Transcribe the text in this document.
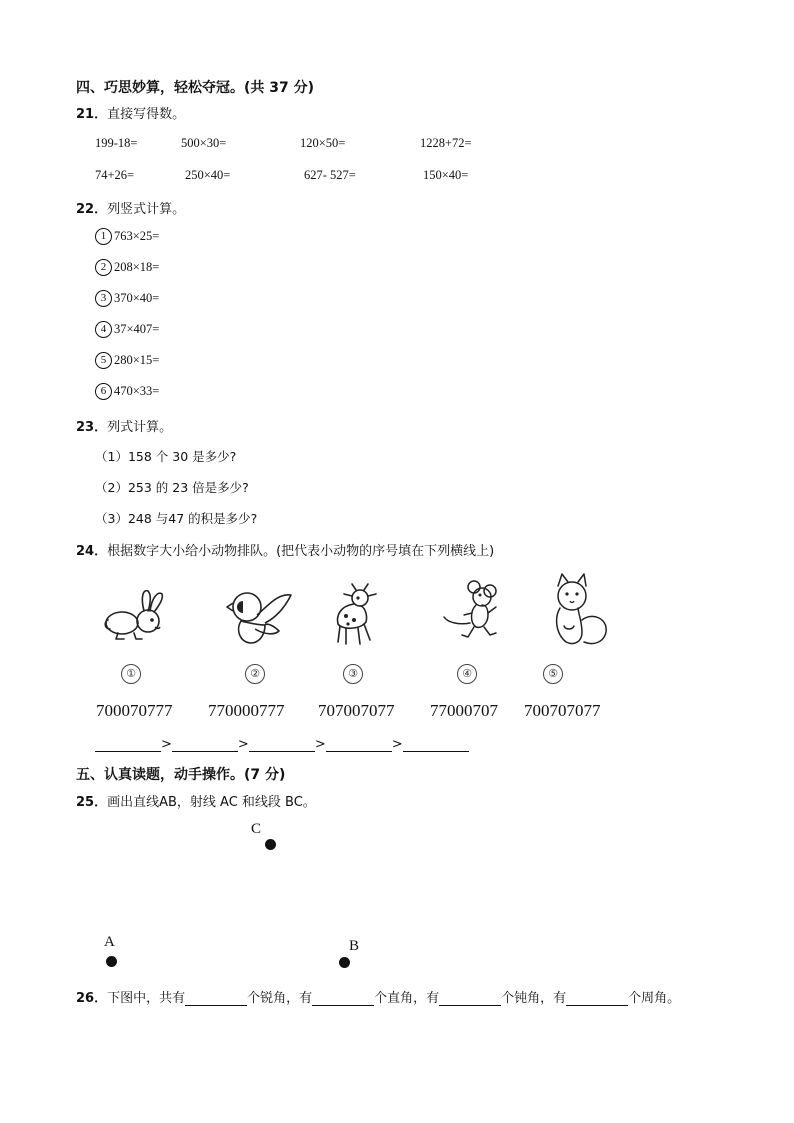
四、巧思妙算，轻松夺冠。(共 37 分)
21．直接写得数。
199-18=	500×30=	120×50=	1228+72=
74+26=	250×40=	627- 527=	150×40=
22．列竖式计算。
1 763×25=
2 208×18=
3 370×40=
4 37×407=
5 280×15=
6 470×33=
23．列式计算。
（1）158 个 30 是多少?
（2）253 的 23 倍是多少?
（3）248 与47 的积是多少?
24．根据数字大小给小动物排队。(把代表小动物的序号填在下列横线上)
①	②	③	④	⑤
700070777 770000777 707007077 77000707 700707077
>	>	>	>
五、认真读题，动手操作。(7 分)
25．画出直线AB，射线 AC 和线段 BC。
C
A	B
26．下图中，共有	个锐角，有	个直角，有	个钝角，有	个周角。
